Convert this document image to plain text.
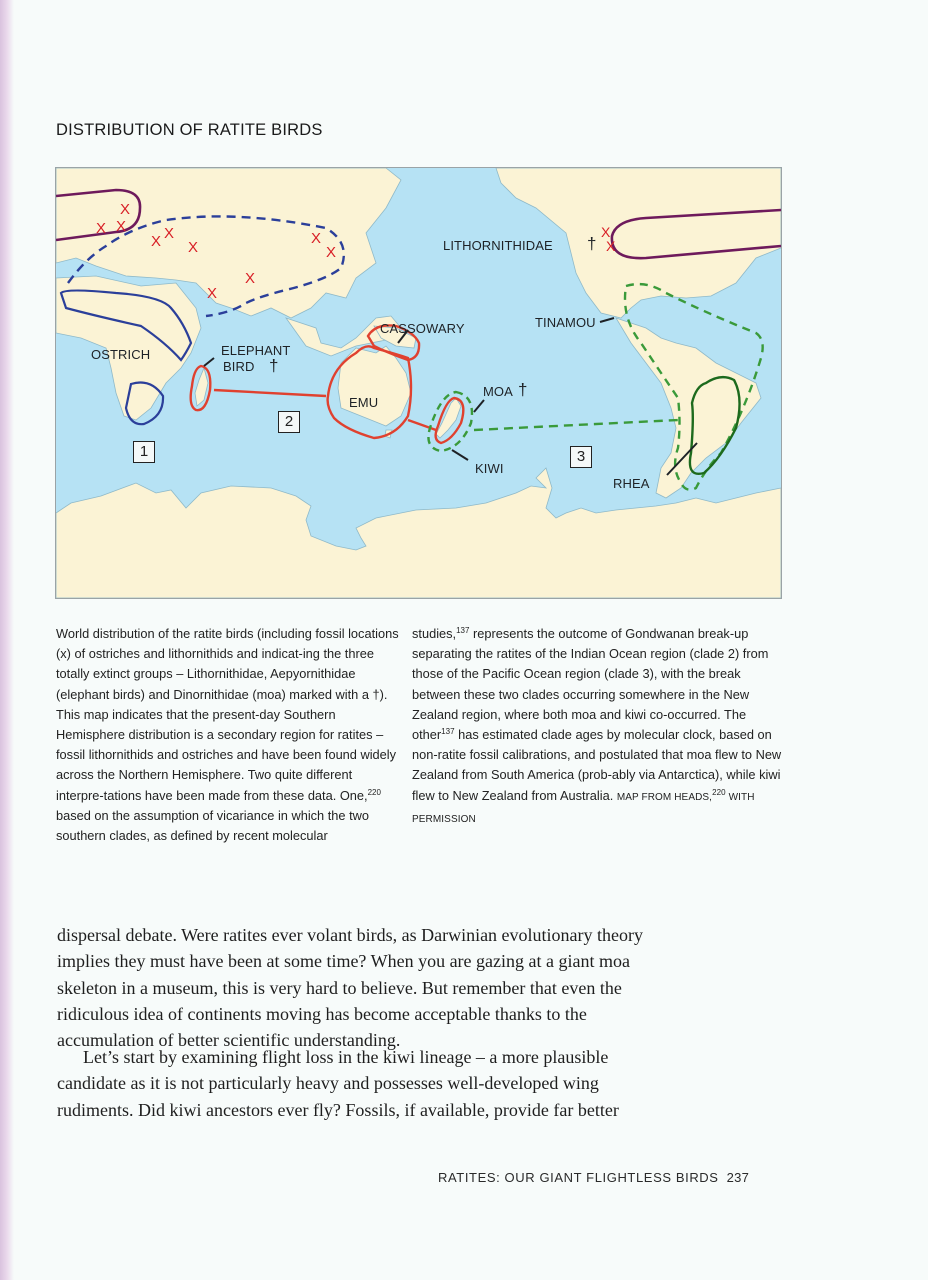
DISTRIBUTION OF RATITE BIRDS
X
X
X
X X
X
X
X
X
X
X
X
OSTRICH	ELEPHANT
BIRD †
CASSOWARY
EMU
MOA †
KIWI
LITHORNITHIDAE †
TINAMOU
RHEA
1
2
3
World distribution of the ratite birds (including fossil locations (x) of ostriches and lithornithids and indicat-ing the three totally extinct groups – Lithornithidae, Aepyornithidae (elephant birds) and Dinornithidae (moa) marked with a †). This map indicates that the present-day Southern Hemisphere distribution is a secondary region for ratites – fossil lithornithids and ostriches and have been found widely across the Northern Hemisphere. Two quite different interpre-tations have been made from these data. One,$^{220}$ based on the assumption of vicariance in which the two southern clades, as defined by recent molecular
studies,$^{137}$ represents the outcome of Gondwanan break-up separating the ratites of the Indian Ocean region (clade 2) from those of the Pacific Ocean region (clade 3), with the break between these two clades occurring somewhere in the New Zealand region, where both moa and kiwi co-occurred. The other$^{137}$ has estimated clade ages by molecular clock, based on non-ratite fossil calibrations, and postulated that moa flew to New Zealand from South America (prob-ably via Antarctica), while kiwi flew to New Zealand from Australia. MAP FROM HEADS,$^{220}$ WITH PERMISSION
dispersal debate. Were ratites ever volant birds, as Darwinian evolutionary theory implies they must have been at some time? When you are gazing at a giant moa skeleton in a museum, this is very hard to believe. But remember that even the ridiculous idea of continents moving has become acceptable thanks to the accumulation of better scientific understanding.
Let’s start by examining flight loss in the kiwi lineage – a more plausible candidate as it is not particularly heavy and possesses well-developed wing rudiments. Did kiwi ancestors ever fly? Fossils, if available, provide far better
RATITES: OUR GIANT FLIGHTLESS BIRDS 237
